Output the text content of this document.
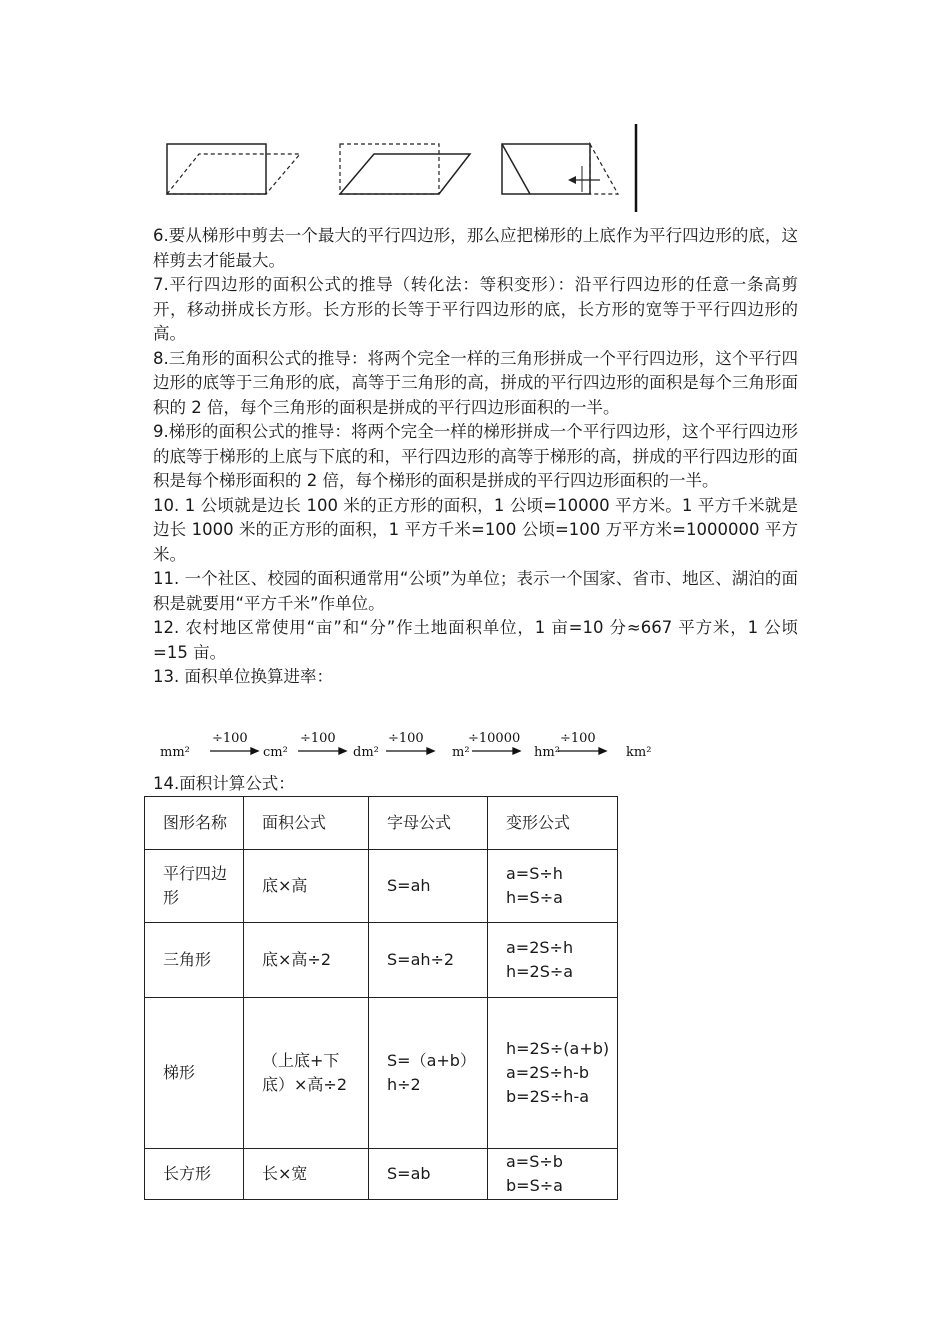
6.要从梯形中剪去一个最大的平行四边形，那么应把梯形的上底作为平行四边形的底，这样剪去才能最大。

7.平行四边形的面积公式的推导（转化法：等积变形）：沿平行四边形的任意一条高剪开，移动拼成长方形。长方形的长等于平行四边形的底，长方形的宽等于平行四边形的高。

8.三角形的面积公式的推导：将两个完全一样的三角形拼成一个平行四边形，这个平行四边形的底等于三角形的底，高等于三角形的高，拼成的平行四边形的面积是每个三角形面积的 2 倍，每个三角形的面积是拼成的平行四边形面积的一半。

9.梯形的面积公式的推导：将两个完全一样的梯形拼成一个平行四边形，这个平行四边形的底等于梯形的上底与下底的和，平行四边形的高等于梯形的高，拼成的平行四边形的面积是每个梯形面积的 2 倍，每个梯形的面积是拼成的平行四边形面积的一半。

10. 1 公顷就是边长 100 米的正方形的面积，1 公顷=10000 平方米。1 平方千米就是边长 1000 米的正方形的面积，1 平方千米=100 公顷=100 万平方米=1000000 平方米。

11. 一个社区、校园的面积通常用“公顷”为单位；表示一个国家、省市、地区、湖泊的面积是就要用“平方千米”作单位。

12. 农村地区常使用“亩”和“分”作土地面积单位，1 亩=10 分≈667 平方米，1 公顷=15 亩。

13. 面积单位换算进率：

mm²	cm²	dm²	m²	hm²	km²
÷100	÷100	÷100	÷10000	÷100
14.面积计算公式：
图形名称	面积公式	字母公式	变形公式
平行四边形	底×高	S=ah	a=S÷h
h=S÷a

三角形	底×高÷2	S=ah÷2	a=2S÷h
h=2S÷a

梯形	（上底+下底）×高÷2	S=（a+b）h÷2	h=2S÷(a+b)
a=2S÷h-b
b=2S÷h-a

长方形	长×宽	S=ab	a=S÷b
b=S÷a
